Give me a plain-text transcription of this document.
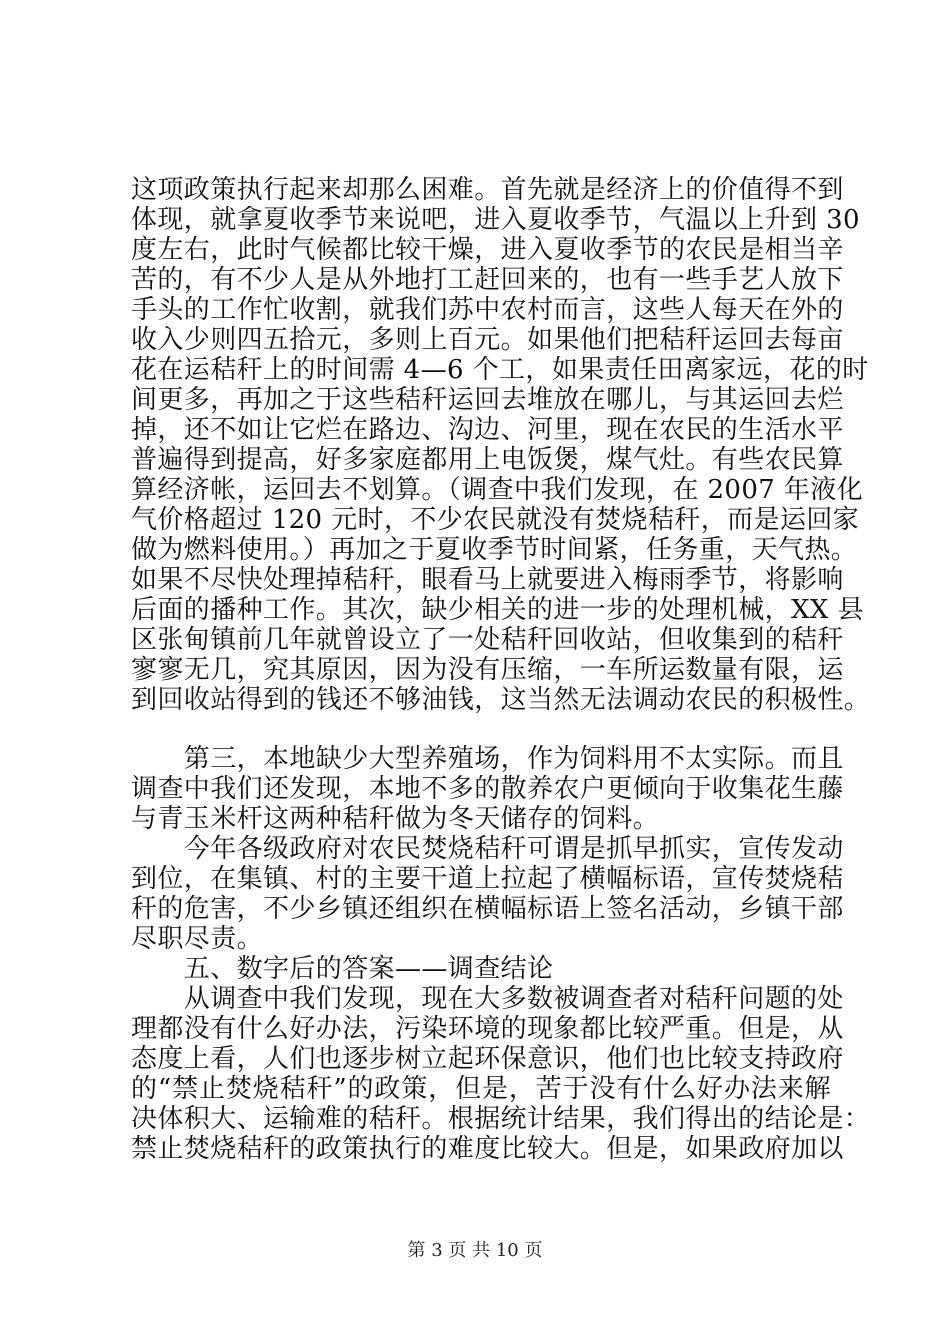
这项政策执行起来却那么困难。首先就是经济上的价值得不到
体现，就拿夏收季节来说吧，进入夏收季节，气温以上升到 30
度左右，此时气候都比较干燥，进入夏收季节的农民是相当辛
苦的，有不少人是从外地打工赶回来的，也有一些手艺人放下
手头的工作忙收割，就我们苏中农村而言，这些人每天在外的
收入少则四五拾元，多则上百元。如果他们把秸秆运回去每亩
花在运秸秆上的时间需 4—6 个工，如果责任田离家远，花的时
间更多，再加之于这些秸秆运回去堆放在哪儿，与其运回去烂
掉，还不如让它烂在路边、沟边、河里，现在农民的生活水平
普遍得到提高，好多家庭都用上电饭煲，煤气灶。有些农民算
算经济帐，运回去不划算。（调查中我们发现，在 2007 年液化
气价格超过 120 元时，不少农民就没有焚烧秸秆，而是运回家
做为燃料使用。）再加之于夏收季节时间紧，任务重，天气热。
如果不尽快处理掉秸秆，眼看马上就要进入梅雨季节，将影响
后面的播种工作。其次，缺少相关的进一步的处理机械，XX 县
区张甸镇前几年就曾设立了一处秸秆回收站，但收集到的秸秆
寥寥无几，究其原因，因为没有压缩，一车所运数量有限，运
到回收站得到的钱还不够油钱，这当然无法调动农民的积极性。
　　第三，本地缺少大型养殖场，作为饲料用不太实际。而且
调查中我们还发现，本地不多的散养农户更倾向于收集花生藤
与青玉米杆这两种秸秆做为冬天储存的饲料。
　　今年各级政府对农民焚烧秸秆可谓是抓早抓实，宣传发动
到位，在集镇、村的主要干道上拉起了横幅标语，宣传焚烧秸
秆的危害，不少乡镇还组织在横幅标语上签名活动，乡镇干部
尽职尽责。
　　五、数字后的答案——调查结论
　　从调查中我们发现，现在大多数被调查者对秸秆问题的处
理都没有什么好办法，污染环境的现象都比较严重。但是，从
态度上看，人们也逐步树立起环保意识，他们也比较支持政府
的“禁止焚烧秸秆”的政策，但是，苦于没有什么好办法来解
决体积大、运输难的秸秆。根据统计结果，我们得出的结论是：
禁止焚烧秸秆的政策执行的难度比较大。但是，如果政府加以
第 3 页 共 10 页
